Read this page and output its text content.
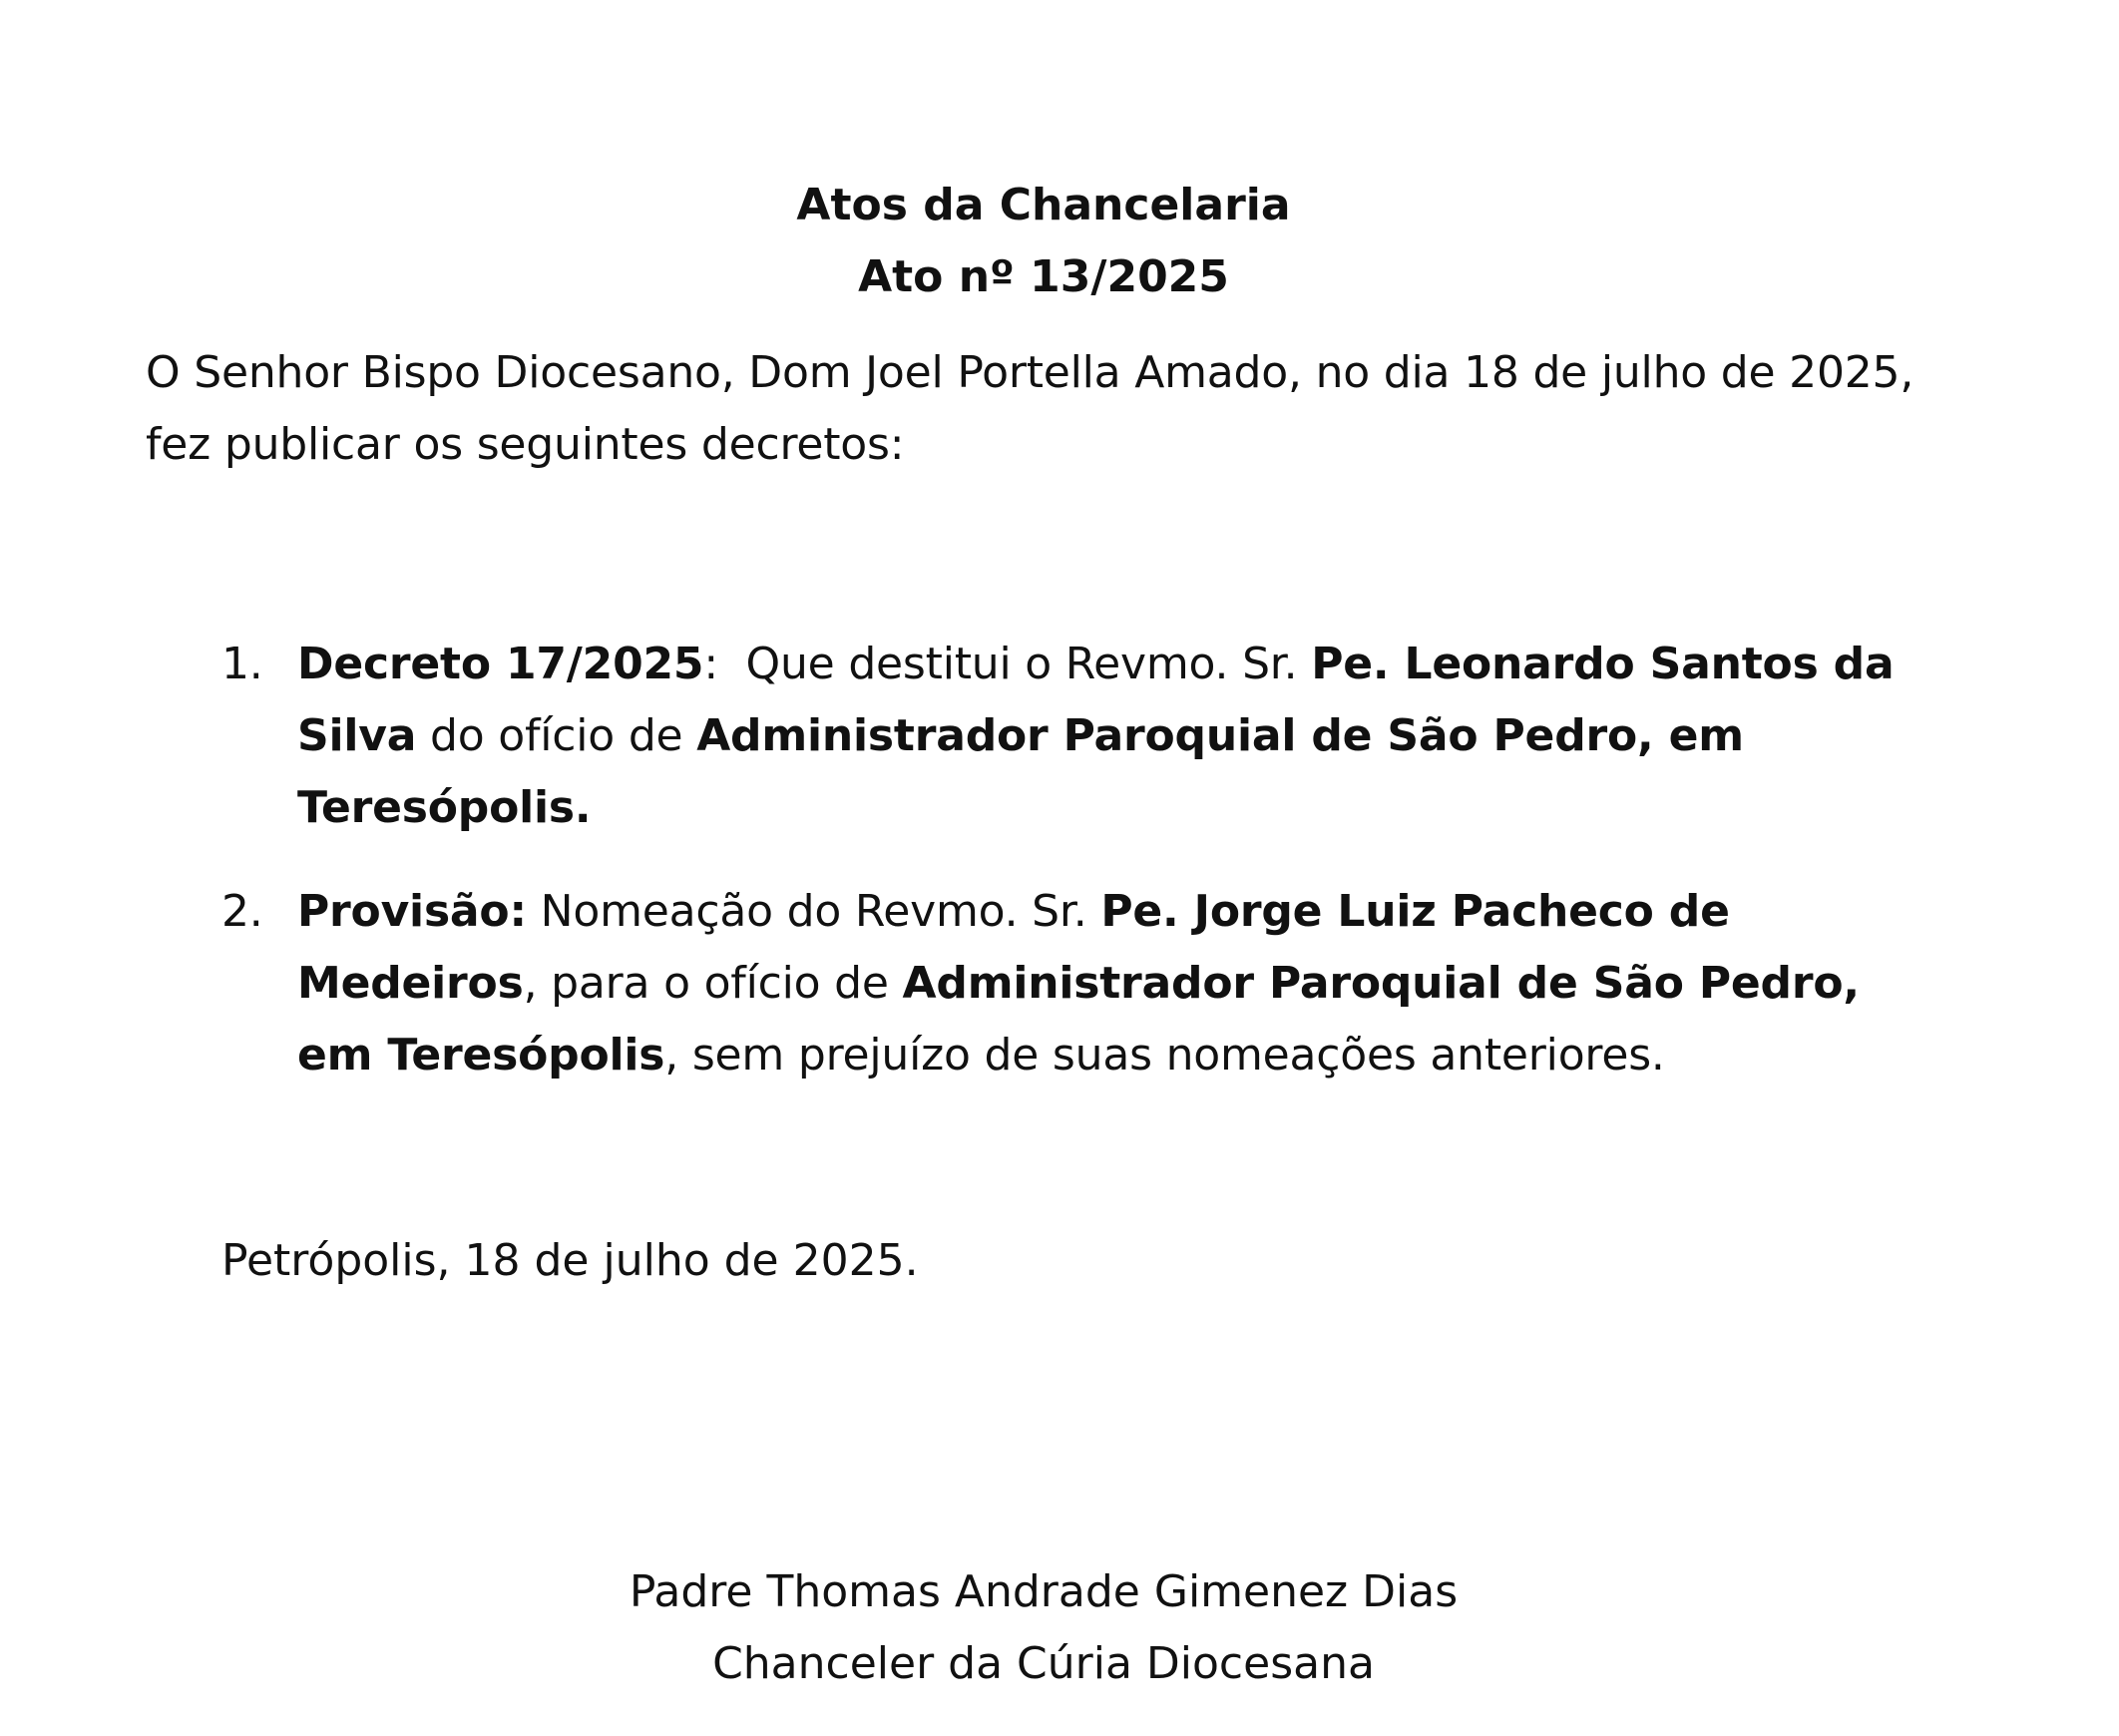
Atos da Chancelaria
Ato nº 13/2025

O Senhor Bispo Diocesano, Dom Joel Portella Amado, no dia 18 de julho de 2025,
fez publicar os seguintes decretos:

1. Decreto 17/2025:  Que destitui o Revmo. Sr. Pe. Leonardo Santos da Silva do ofício de Administrador Paroquial de São Pedro, em Teresópolis.
2. Provisão: Nomeação do Revmo. Sr. Pe. Jorge Luiz Pacheco de Medeiros, para o ofício de Administrador Paroquial de São Pedro, em Teresópolis, sem prejuízo de suas nomeações anteriores.

Petrópolis, 18 de julho de 2025.

Padre Thomas Andrade Gimenez Dias
Chanceler da Cúria Diocesana
